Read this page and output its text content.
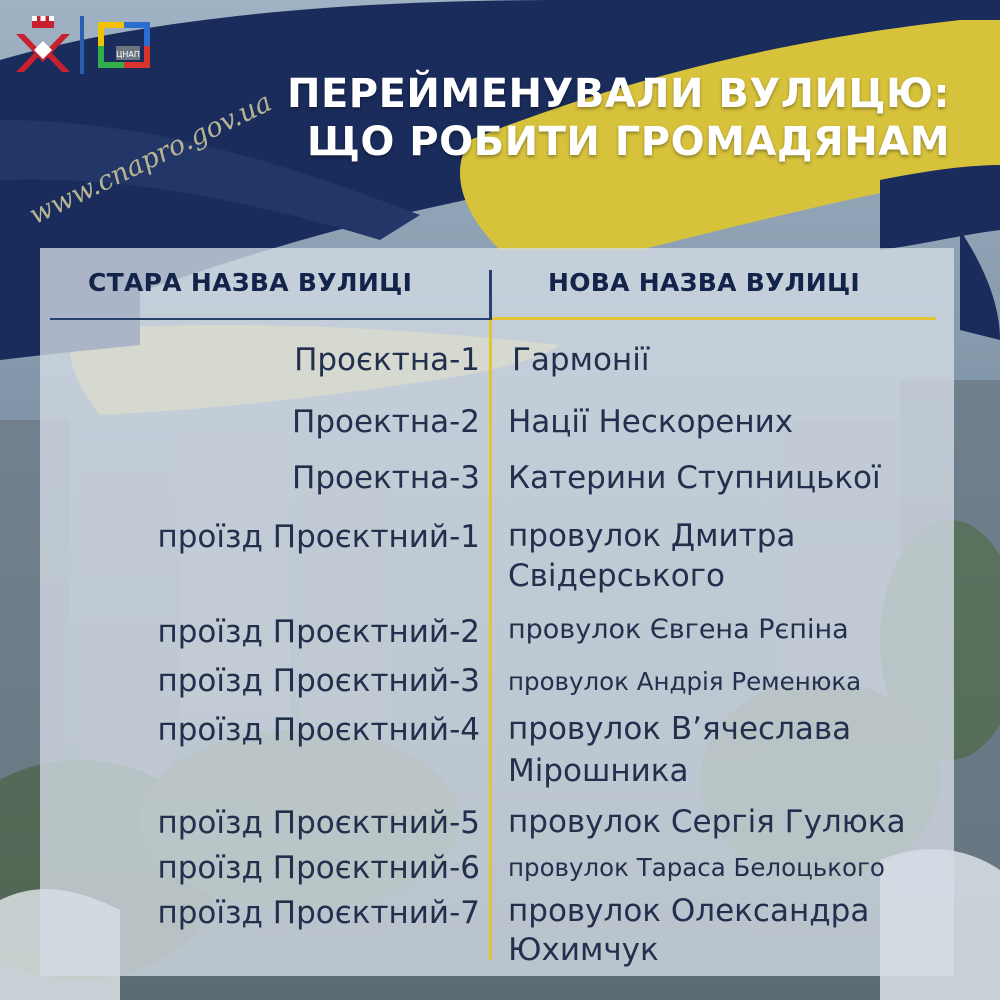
ЦНАП
www.cnapro.gov.ua ПЕРЕЙМЕНУВАЛИ ВУЛИЦЮ:
ЩО РОБИТИ ГРОМАДЯНАМ
СТАРА НАЗВА ВУЛИЦІ	НОВА НАЗВА ВУЛИЦІ
Проєктна-1
Проектна-2
Проектна-3
проїзд Проєктний-1
проїзд Проєктний-2
проїзд Проєктний-3
проїзд Проєктний-4
проїзд Проєктний-5
проїзд Проєктний-6
проїзд Проєктний-7
Гармонії
Нації Нескорених
Катерини Ступницької
провулок Дмитра
Свідерського
провулок Євгена Рєпіна
провулок Андрія Ременюка
провулок В’ячеслава
Мірошника
провулок Сергія Гулюка
провулок Тараса Белоцького
провулок Олександра
Юхимчук
